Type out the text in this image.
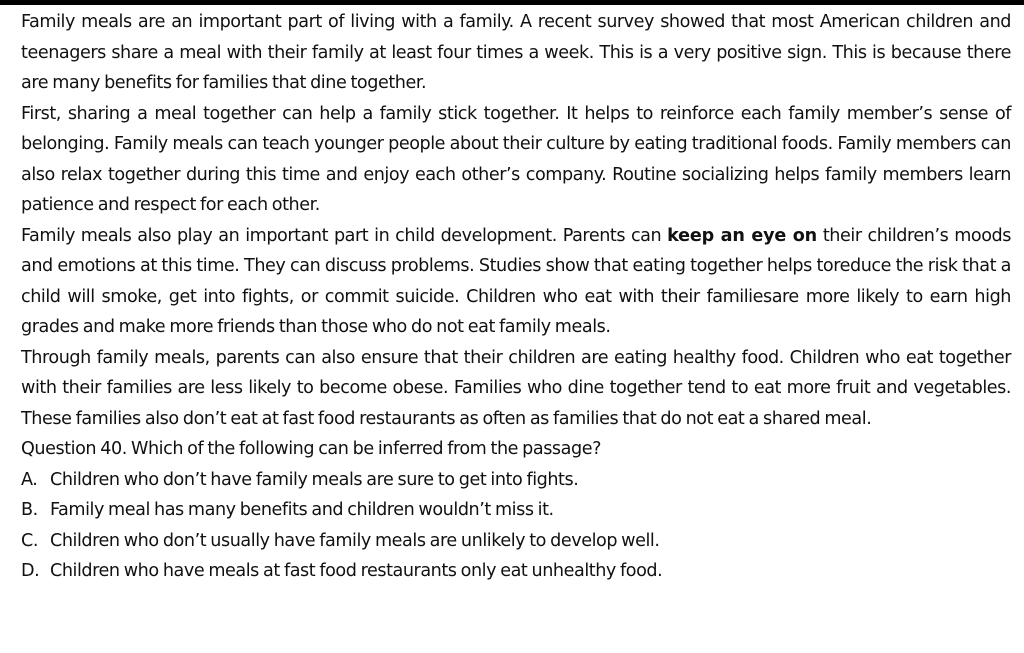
Family meals are an important part of living with a family. A recent survey showed that most American children and teenagers share a meal with their family at least four times a week. This is a very positive sign. This is because there are many benefits for families that dine together.

First, sharing a meal together can help a family stick together. It helps to reinforce each family member’s sense of belonging. Family meals can teach younger people about their culture by eating traditional foods. Family members can also relax together during this time and enjoy each other’s company. Routine socializing helps family members learn patience and respect for each other.

Family meals also play an important part in child development. Parents can keep an eye on their children’s moods and emotions at this time. They can discuss problems. Studies show that eating together helps toreduce the risk that a child will smoke, get into fights, or commit suicide. Children who eat with their familiesare more likely to earn high grades and make more friends than those who do not eat family meals.

Through family meals, parents can also ensure that their children are eating healthy food. Children who eat together with their families are less likely to become obese. Families who dine together tend to eat more fruit and vegetables. These families also don’t eat at fast food restaurants as often as families that do not eat a shared meal.

Question 40. Which of the following can be inferred from the passage?

A. Children who don’t have family meals are sure to get into fights.
B. Family meal has many benefits and children wouldn’t miss it.
C. Children who don’t usually have family meals are unlikely to develop well.
D. Children who have meals at fast food restaurants only eat unhealthy food.
